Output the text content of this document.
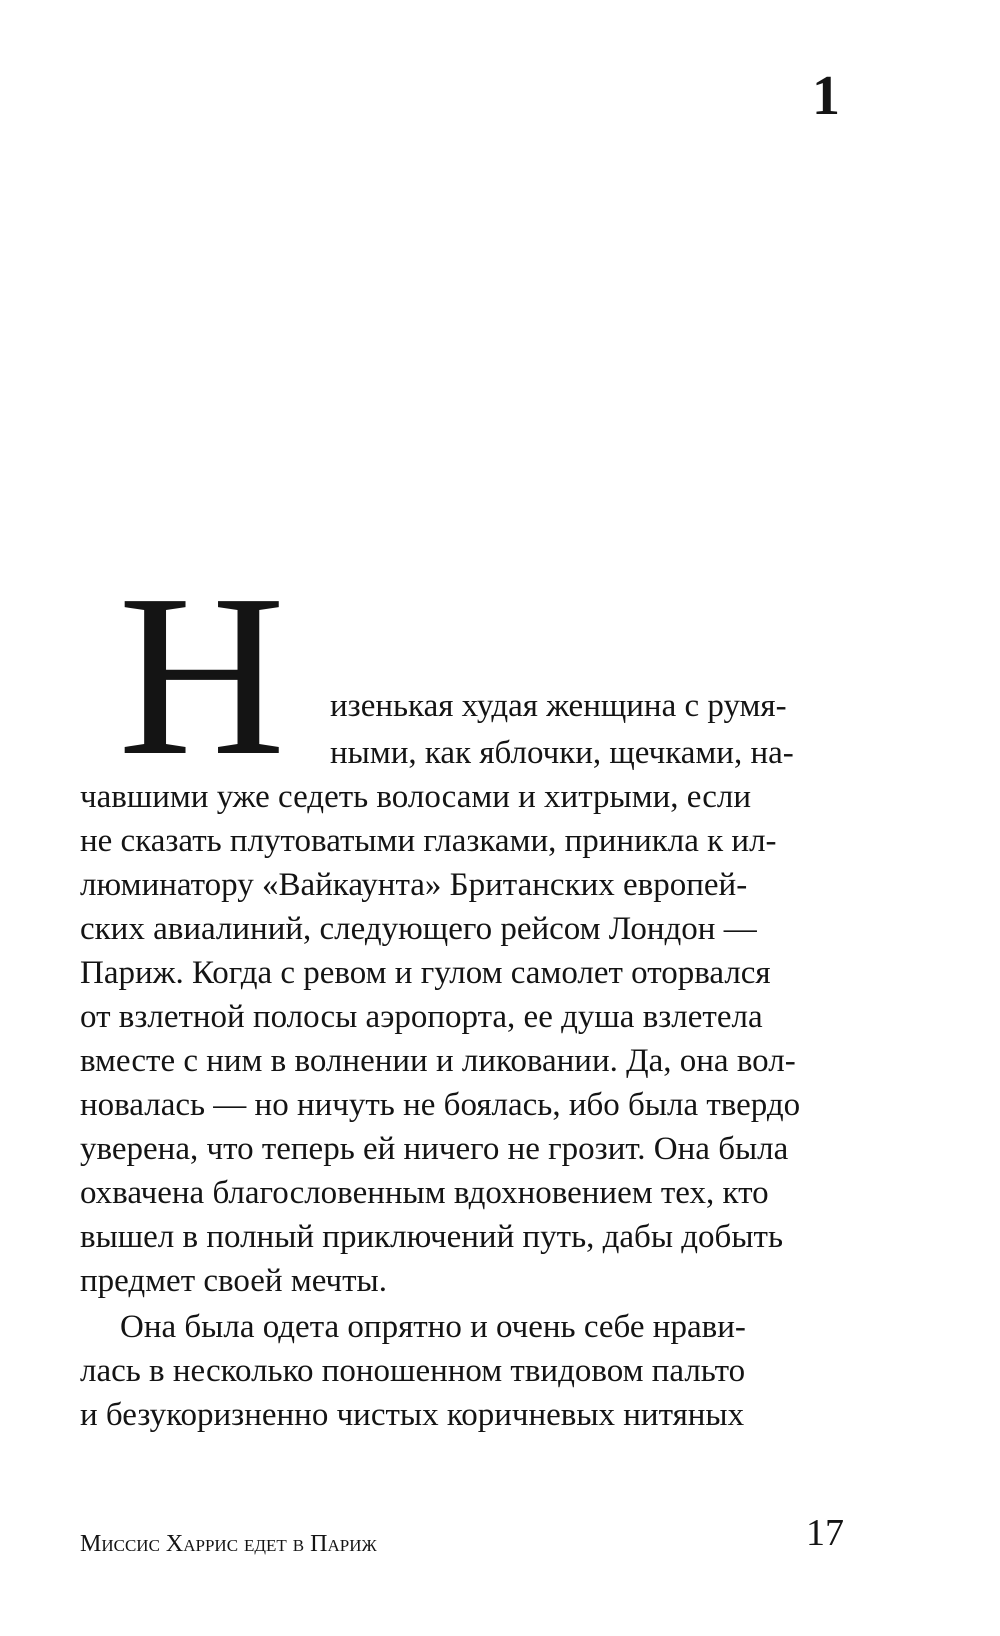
1
Н изенькая худая женщина с румя-
ными, как яблочки, щечками, на-
чавшими уже седеть волосами и хитрыми, если
не сказать плутоватыми глазками, приникла к ил-
люминатору «Вайкаунта» Британских европей-
ских авиалиний, следующего рейсом Лондон —
Париж. Когда с ревом и гулом самолет оторвался
от взлетной полосы аэропорта, ее душа взлетела
вместе с ним в волнении и ликовании. Да, она вол-
новалась — но ничуть не боялась, ибо была твердо
уверена, что теперь ей ничего не грозит. Она была
охвачена благословенным вдохновением тех, кто
вышел в полный приключений путь, дабы добыть
предмет своей мечты.
Она была одета опрятно и очень себе нрави-
лась в несколько поношенном твидовом пальто
и безукоризненно чистых коричневых нитяных
Миссис Харрис едет в Париж	17
